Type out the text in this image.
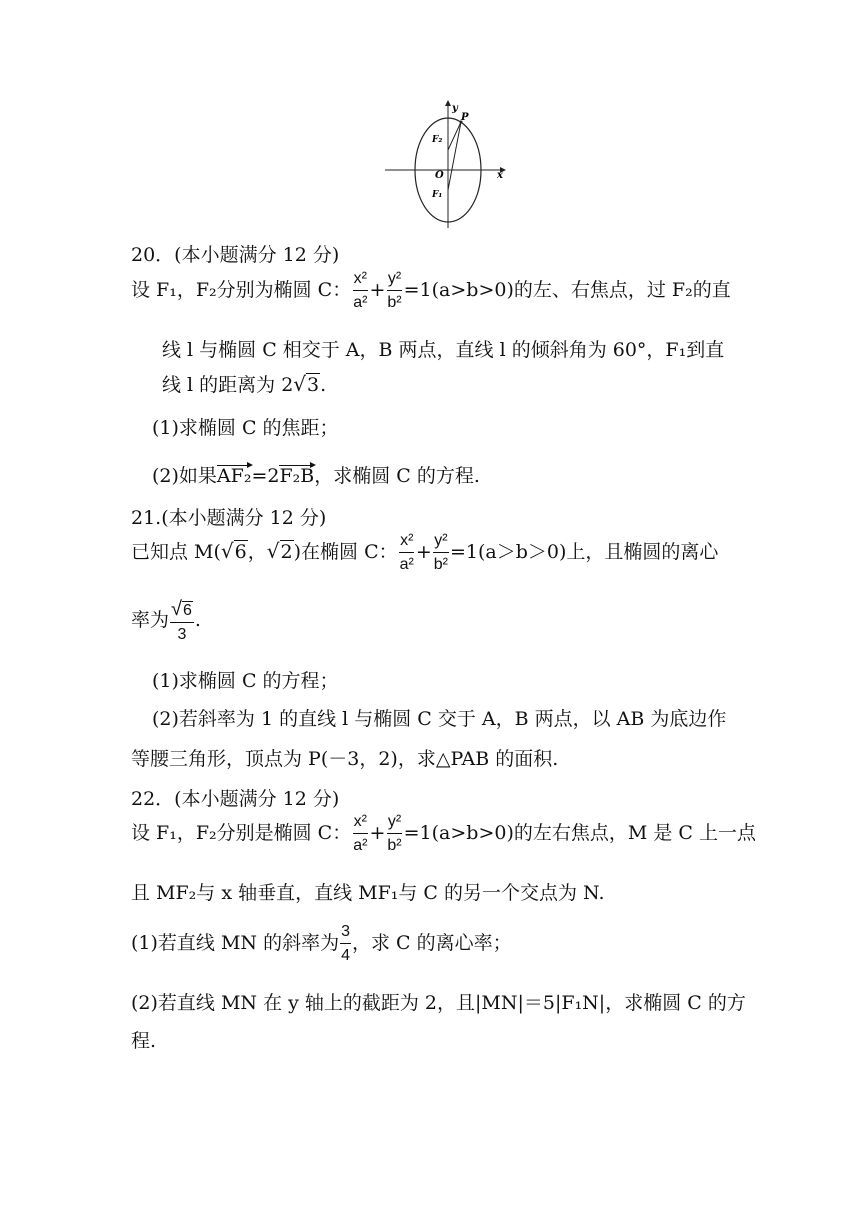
y
x
P
F₂
O
F₁
20．(本小题满分 12 分)
设 F₁，F₂分别为椭圆 C： $\frac{\text{x²}}{\text{a²}} + \frac{\text{y²}}{\text{b²}} =1(a>b>0)$的左、右焦点，过 F₂的直
线 l 与椭圆 C 相交于 A，B 两点，直线 l 的倾斜角为 60°，F₁到直
线 l 的距离为 2√3.
(1)求椭圆 C 的焦距；
(2)如果AF₂=2F₂B，求椭圆 C 的方程.
21.(本小题满分 12 分)
已知点 M(√6，√2)在椭圆 C： $\frac{\text{x²}}{\text{a²}} + \frac{\text{y²}}{\text{b²}} =1(a>b>0)$上，且椭圆的离心
率为 $\frac{√6}{3}$ .
(1)求椭圆 C 的方程；
(2)若斜率为 1 的直线 l 与椭圆 C 交于 A，B 两点，以 AB 为底边作
等腰三角形，顶点为 P(－3，2)，求△PAB 的面积.
22．(本小题满分 12 分)
设 F₁，F₂分别是椭圆 C： $\frac{\text{x²}}{\text{a²}} + \frac{\text{y²}}{\text{b²}} =1(a>b>0)$的左右焦点，M 是 C 上一点
且 MF₂与 x 轴垂直，直线 MF₁与 C 的另一个交点为 N.
(1)若直线 MN 的斜率为 $\frac{3}{4}$ ，求 C 的离心率；
(2)若直线 MN 在 y 轴上的截距为 2，且|MN|＝5|F₁N|，求椭圆 C 的方
程.
